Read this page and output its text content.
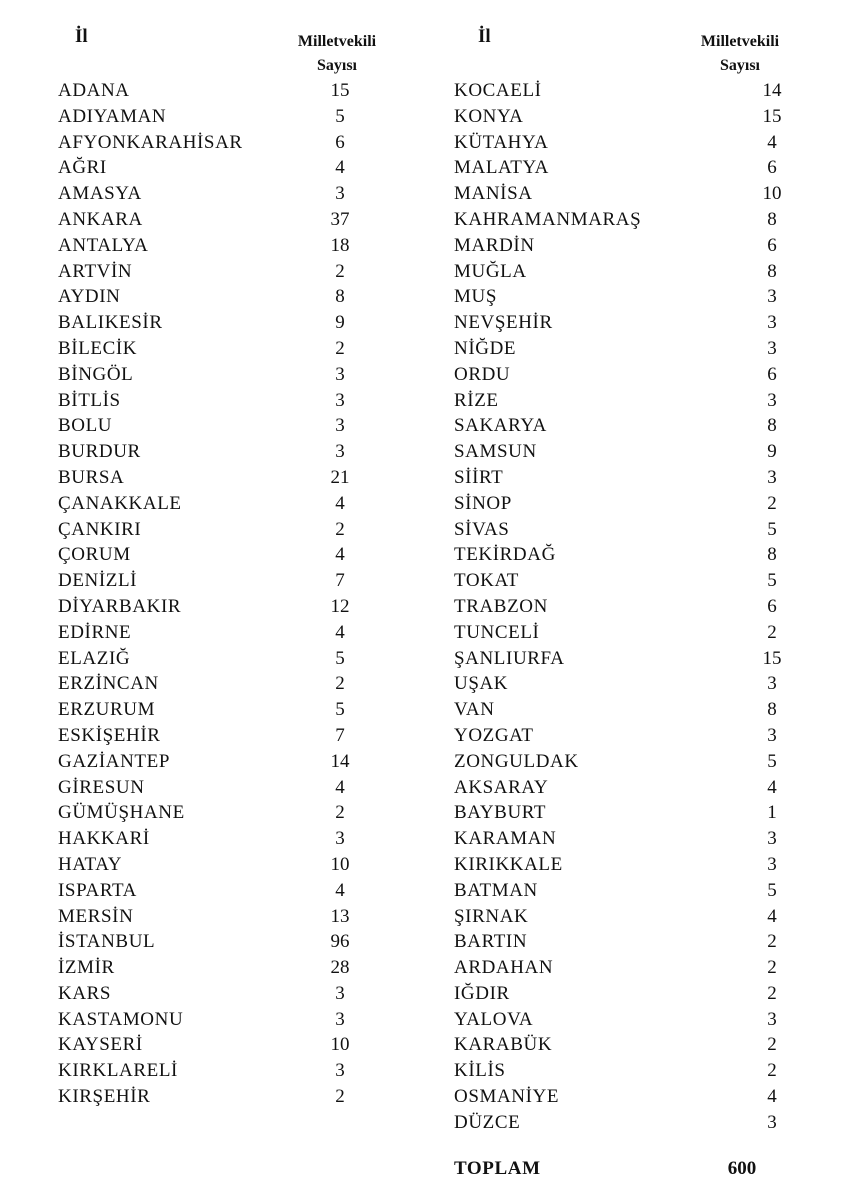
İl	Milletvekili
Sayısı
ADANA	15
ADIYAMAN	5
AFYONKARAHİSAR	6
AĞRI	4
AMASYA	3
ANKARA	37
ANTALYA	18
ARTVİN	2
AYDIN	8
BALIKESİR	9
BİLECİK	2
BİNGÖL	3
BİTLİS	3
BOLU	3
BURDUR	3
BURSA	21
ÇANAKKALE	4
ÇANKIRI	2
ÇORUM	4
DENİZLİ	7
DİYARBAKIR	12
EDİRNE	4
ELAZIĞ	5
ERZİNCAN	2
ERZURUM	5
ESKİŞEHİR	7
GAZİANTEP	14
GİRESUN	4
GÜMÜŞHANE	2
HAKKARİ	3
HATAY	10
ISPARTA	4
MERSİN	13
İSTANBUL	96
İZMİR	28
KARS	3
KASTAMONU	3
KAYSERİ	10
KIRKLARELİ	3
KIRŞEHİR	2
İl	Milletvekili
Sayısı
KOCAELİ	14
KONYA	15
KÜTAHYA	4
MALATYA	6
MANİSA	10
KAHRAMANMARAŞ	8
MARDİN	6
MUĞLA	8
MUŞ	3
NEVŞEHİR	3
NİĞDE	3
ORDU	6
RİZE	3
SAKARYA	8
SAMSUN	9
SİİRT	3
SİNOP	2
SİVAS	5
TEKİRDAĞ	8
TOKAT	5
TRABZON	6
TUNCELİ	2
ŞANLIURFA	15
UŞAK	3
VAN	8
YOZGAT	3
ZONGULDAK	5
AKSARAY	4
BAYBURT	1
KARAMAN	3
KIRIKKALE	3
BATMAN	5
ŞIRNAK	4
BARTIN	2
ARDAHAN	2
IĞDIR	2
YALOVA	3
KARABÜK	2
KİLİS	2
OSMANİYE	4
DÜZCE	3
TOPLAM	600
